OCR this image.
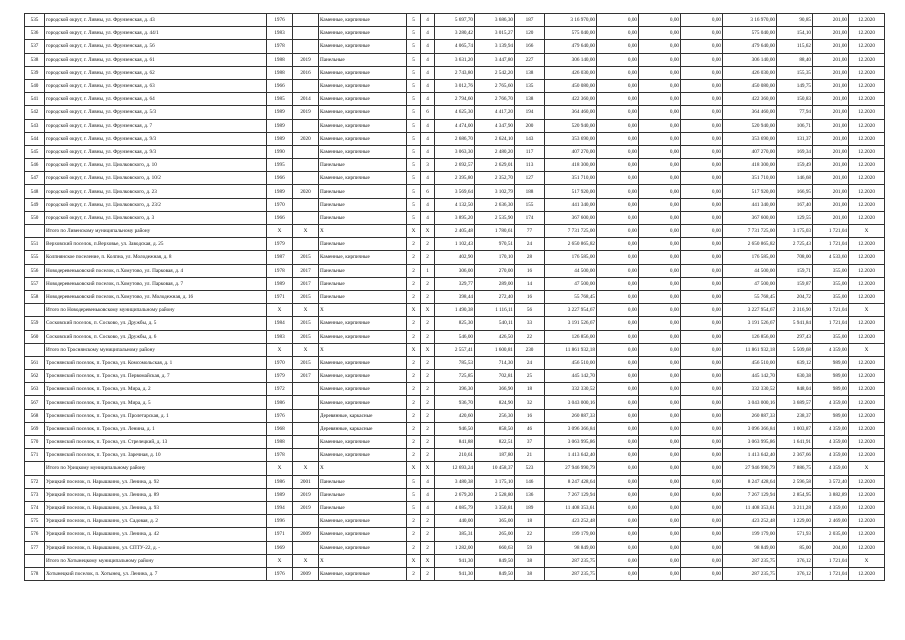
535	городской округ, г. Ливны, ул. Фрунзенская, д. 43	1976		Каменные, кирпичные	5	4	5 697,70	3 686,30	187	3 16 970,00	0,00	0,00	0,00	3 16 970,00	90,85	201,00	12.2020
536	городской округ, г. Ливны, ул. Фрунзенская, д. 44/1	1983		Каменные, кирпичные	5	4	3 280,42	3 015,27	120	575 040,00	0,00	0,00	0,00	575 040,00	154,10	201,00	12.2020
537	городской округ, г. Ливны, ул. Фрунзенская, д. 56	1978		Каменные, кирпичные	5	4	4 065,74	3 139,94	166	479 640,00	0,00	0,00	0,00	479 640,00	115,62	201,00	12.2020
538	городской округ, г. Ливны, ул. Фрунзенская, д. 61	1988	2019	Панельные	5	4	3 631,20	3 447,80	227	306 140,00	0,00	0,00	0,00	306 140,00	88,40	201,00	12.2020
539	городской округ, г. Ливны, ул. Фрунзенская, д. 62	1988	2016	Каменные, кирпичные	5	4	2 743,80	2 542,20	138	426 030,00	0,00	0,00	0,00	426 030,00	155,35	201,00	12.2020
540	городской округ, г. Ливны, ул. Фрунзенская, д. 63	1966		Каменные, кирпичные	5	4	3 012,76	2 765,60	135	450 080,00	0,00	0,00	0,00	450 080,00	149,75	201,00	12.2020
541	городской округ, г. Ливны, ул. Фрунзенская, д. 64	1985	2014	Каменные, кирпичные	5	4	2 794,60	2 766,70	138	422 360,00	0,00	0,00	0,00	422 360,00	150,83	201,00	12.2020
542	городской округ, г. Ливны, ул. Фрунзенская, д. 5/3	1989	2019	Каменные, кирпичные	5	6	4 625,30	4 417,20	194	364 460,00	0,00	0,00	0,00	364 460,00	77,94	201,00	12.2020
543	городской округ, г. Ливны, ул. Фрунзенская, д. 7	1989		Каменные, кирпичные	5	4	4 474,00	4 347,90	200	520 940,00	0,00	0,00	0,00	520 940,00	106,71	201,00	12.2020
544	городской округ, г. Ливны, ул. Фрунзенская, д. 9/3	1989	2020	Каменные, кирпичные	5	4	2 686,70	2 624,10	143	353 690,00	0,00	0,00	0,00	353 690,00	131,37	201,00	12.2020
545	городской округ, г. Ливны, ул. Фрунзенская, д. 9/3	1990		Каменные, кирпичные	5	4	3 063,30	2 480,20	117	407 270,00	0,00	0,00	0,00	407 270,00	169,34	201,00	12.2020
546	городской округ, г. Ливны, ул. Циолковского, д. 10	1995		Панельные	5	3	2 692,57	2 629,01	113	418 300,00	0,00	0,00	0,00	418 300,00	159,49	201,00	12.2020
547	городской округ, г. Ливны, ул. Циолковского, д. 10/2	1966		Каменные, кирпичные	5	4	2 395,80	2 352,70	127	351 710,00	0,00	0,00	0,00	351 710,00	146,68	201,00	12.2020
548	городской округ, г. Ливны, ул. Циолковского, д. 23	1989	2020	Панельные	5	6	3 569,64	3 102,79	188	517 920,00	0,00	0,00	0,00	517 920,00	166,95	201,00	12.2020
549	городской округ, г. Ливны, ул. Циолковского, д. 23/2	1970		Панельные	5	4	4 132,50	2 636,30	155	441 340,00	0,00	0,00	0,00	441 340,00	167,40	201,00	12.2020
550	городской округ, г. Ливны, ул. Циолковского, д. 3	1966		Панельные	5	4	3 895,20	2 535,90	174	367 600,00	0,00	0,00	0,00	367 600,00	129,55	201,00	12.2020
	Итого по Ливенскому муниципальному району	X	X	X	X	X	2 405,48	1 780,61	77	7 731 725,00	0,00	0,00	0,00	7 731 725,00	3 175,03	1 721,04	X
551	Верховский поселок, п.Верховье, ул. Заводская, д. 25	1979		Панельные	2	2	1 102,43	970,51	24	2 650 865,82	0,00	0,00	0,00	2 650 865,82	2 725,43	1 721,04	12.2020
555	Колпнянское поселение, п. Колпна, ул. Молодежная, д. 8	1987	2015	Каменные, кирпичные	2	2	402,90	170,10	28	176 585,00	0,00	0,00	0,00	176 585,00	708,00	4 533,60	12.2020
556	Новодеревеньковский поселок, п.Хомутово, ул. Парковая, д. 4	1978	2017	Панельные	2	1	306,00	270,00	16	44 500,00	0,00	0,00	0,00	44 500,00	159,71	355,00	12.2020
557	Новодеревеньковский поселок, п.Хомутово, ул. Парковая, д. 7	1989	2017	Панельные	2	2	329,77	289,00	14	47 500,00	0,00	0,00	0,00	47 500,00	159,87	355,00	12.2020
558	Новодеревеньковский поселок, п.Хомутово, ул. Молодежная, д. 16	1971	2015	Панельные	2	2	398,44	272,40	16	55 768,45	0,00	0,00	0,00	55 768,45	204,72	355,00	12.2020
	Итого по Новодеревеньковскому муниципальному району	X	X	X	X	X	1 490,38	1 116,11	56	3 227 954,67	0,00	0,00	0,00	3 227 954,67	2 316,90	1 721,04	X
559	Сосковский поселок, п. Сосково, ул. Дружбы, д. 5	1984	2015	Каменные, кирпичные	2	2	825,30	540,11	33	3 191 526,67	0,00	0,00	0,00	3 191 526,67	5 941,84	1 721,04	12.2020
560	Сосковский поселок, п. Сосково, ул. Дружбы, д. 6	1983	2015	Каменные, кирпичные	2	2	546,00	426,50	22	126 856,00	0,00	0,00	0,00	126 856,00	297,43	355,00	12.2020
	Итого по Троснянскому муниципальному району	X	X	X	X	X	2 557,41	1 600,81	230	11 861 932,18	0,00	0,00	0,00	11 861 932,18	5 509,68	4 359,00	X
561	Троснянский поселок, п. Тросна, ул. Комсомольская, д. 1	1970	2015	Каменные, кирпичные	2	2	785,53	714,30	24	456 510,00	0,00	0,00	0,00	456 510,00	639,12	989,00	12.2020
562	Троснянский поселок, п. Тросна, ул. Первомайская, д. 7	1979	2017	Каменные, кирпичные	2	2	725,85	702,81	25	445 142,70	0,00	0,00	0,00	445 142,70	630,38	989,00	12.2020
563	Троснянский поселок, п. Тросна, ул. Мира, д. 2	1972		Каменные, кирпичные	2	2	396,30	366,90	18	332 330,52	0,00	0,00	0,00	332 330,52	848,04	989,00	12.2020
567	Троснянский поселок, п. Тросна, ул. Мира, д. 5	1986		Каменные, кирпичные	2	2	936,70	824,90	32	3 043 000,16	0,00	0,00	0,00	3 043 000,16	3 689,57	4 359,00	12.2020
568	Троснянский поселок, п. Тросна, ул. Пролетарская, д. 1	1976		Деревянные, каркасные	2	2	420,60	256,30	16	260 887,33	0,00	0,00	0,00	260 887,33	238,37	989,00	12.2020
569	Троснянский поселок, п. Тросна, ул. Ленина, д. 1	1968		Деревянные, каркасные	2	2	946,50	858,50	46	3 096 366,84	0,00	0,00	0,00	3 096 366,84	1 003,87	4 359,00	12.2020
570	Троснянский поселок, п. Тросна, ул. Стрелецкий, д. 13	1988		Каменные, кирпичные	2	2	841,88	822,51	37	3 063 995,86	0,00	0,00	0,00	3 063 995,86	1 641,91	4 359,00	12.2020
571	Троснянский поселок, п. Тросна, ул. Заречная, д. 10	1978		Каменные, кирпичные	2	2	210,61	187,80	21	1 413 642,40	0,00	0,00	0,00	1 413 642,40	2 367,66	4 359,00	12.2020
	Итого по Урицкому муниципальному району	X	X	X	X	X	12 693,24	10 458,37	523	27 946 990,79	0,00	0,00	0,00	27 946 990,79	7 886,75	4 359,00	X
572	Урицкий поселок, п. Нарышкино, ул. Ленина, д. 92	1986	2001	Панельные	5	4	3 480,38	3 175,10	146	8 247 428,64	0,00	0,00	0,00	8 247 428,64	2 596,58	3 572,40	12.2020
573	Урицкий поселок, п. Нарышкино, ул. Ленина, д. 89	1989	2019	Панельные	5	4	2 679,20	2 528,80	136	7 267 129,94	0,00	0,00	0,00	7 267 129,94	2 854,95	3 882,89	12.2020
574	Урицкий поселок, п. Нарышкино, ул. Ленина, д. 93	1994	2019	Панельные	5	4	4 085,79	3 350,81	189	11 408 353,61	0,00	0,00	0,00	11 408 353,61	3 211,28	4 359,00	12.2020
575	Урицкий поселок, п. Нарышкино, ул. Садовая, д. 2	1996		Каменные, кирпичные	2	2	440,00	365,00	18	423 252,48	0,00	0,00	0,00	423 252,48	1 229,00	2 469,00	12.2020
576	Урицкий поселок, п. Нарышкино, ул. Ленина, д. 42	1971	2009	Каменные, кирпичные	2	2	385,31	265,00	22	199 179,00	0,00	0,00	0,00	199 179,00	571,93	2 035,00	12.2020
577	Урицкий поселок, п. Нарышкино, ул. СПТУ-22, д. -	1969		Каменные, кирпичные	2	2	1 282,00	660,63	59	98 849,00	0,00	0,00	0,00	98 849,00	85,00	204,00	12.2020
	Итого по Хотынецкому муниципальному району	X	X	X	X	X	941,30	849,50	38	287 235,75	0,00	0,00	0,00	287 235,75	376,12	1 721,04	X
578	Хотынецкий поселок, п. Хотынец, ул. Ленина, д. 7	1976	2009	Каменные, кирпичные	2	2	941,30	849,50	38	287 235,75	0,00	0,00	0,00	287 235,75	376,12	1 721,04	12.2020
